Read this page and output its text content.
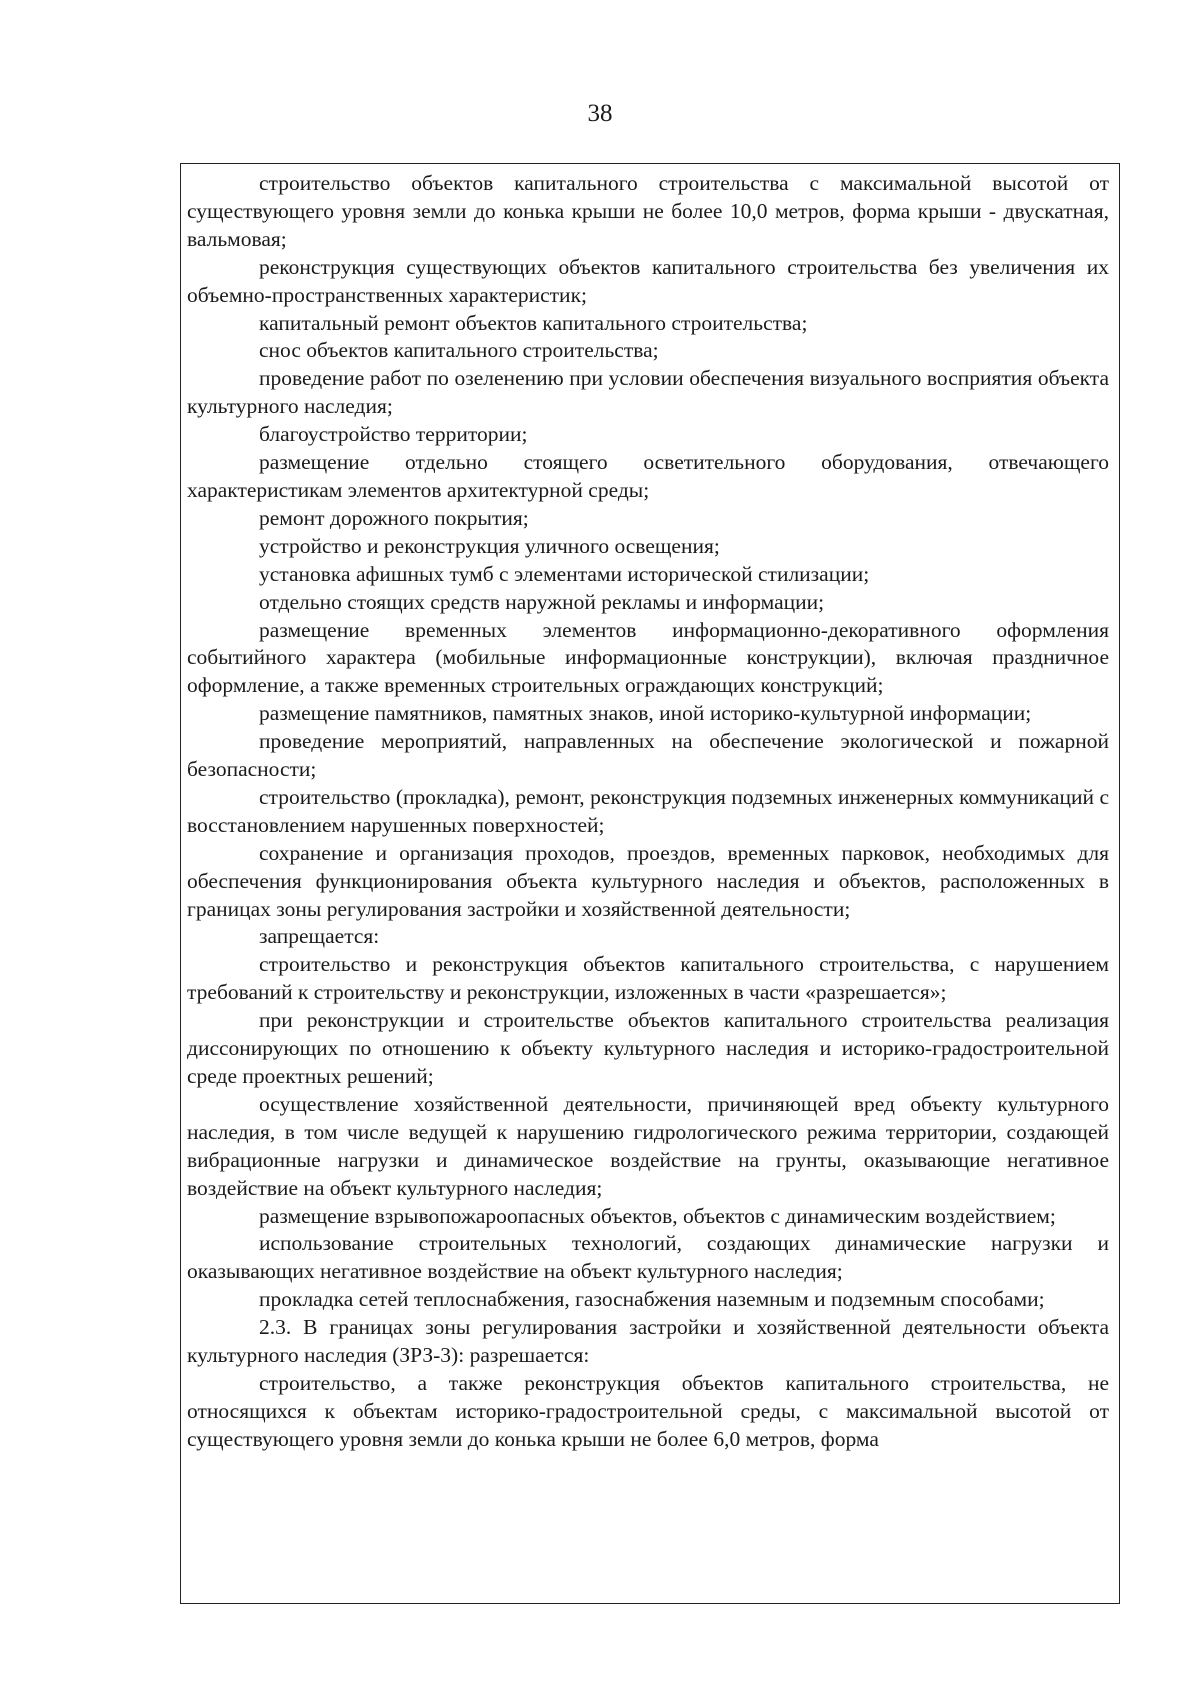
38

строительство объектов капитального строительства с максимальной высотой от существующего уровня земли до конька крыши не более 10,0 метров, форма крыши - двускатная, вальмовая;

реконструкция существующих объектов капитального строительства без увеличения их объемно-пространственных характеристик;

капитальный ремонт объектов капитального строительства;

снос объектов капитального строительства;

проведение работ по озеленению при условии обеспечения визуального восприятия объекта культурного наследия;

благоустройство территории;

размещение отдельно стоящего осветительного оборудования, отвечающего характеристикам элементов архитектурной среды;

ремонт дорожного покрытия;

устройство и реконструкция уличного освещения;

установка афишных тумб с элементами исторической стилизации;

отдельно стоящих средств наружной рекламы и информации;

размещение временных элементов информационно-декоративного оформления событийного характера (мобильные информационные конструкции), включая праздничное оформление, а также временных строительных ограждающих конструкций;

размещение памятников, памятных знаков, иной историко-культурной информации;

проведение мероприятий, направленных на обеспечение экологической и пожарной безопасности;

строительство (прокладка), ремонт, реконструкция подземных инженерных коммуникаций с восстановлением нарушенных поверхностей;

сохранение и организация проходов, проездов, временных парковок, необходимых для обеспечения функционирования объекта культурного наследия и объектов, расположенных в границах зоны регулирования застройки и хозяйственной деятельности;

запрещается:

строительство и реконструкция объектов капитального строительства, с нарушением требований к строительству и реконструкции, изложенных в части «разрешается»;

при реконструкции и строительстве объектов капитального строительства реализация диссонирующих по отношению к объекту культурного наследия и историко-градостроительной среде проектных решений;

осуществление хозяйственной деятельности, причиняющей вред объекту культурного наследия, в том числе ведущей к нарушению гидрологического режима территории, создающей вибрационные нагрузки и динамическое воздействие на грунты, оказывающие негативное воздействие на объект культурного наследия;

размещение взрывопожароопасных объектов, объектов с динамическим воздействием;

использование строительных технологий, создающих динамические нагрузки и оказывающих негативное воздействие на объект культурного наследия;

прокладка сетей теплоснабжения, газоснабжения наземным и подземным способами;

2.3. В границах зоны регулирования застройки и хозяйственной деятельности объекта культурного наследия (ЗРЗ-3): разрешается:

строительство, а также реконструкция объектов капитального строительства, не относящихся к объектам историко-градостроительной среды, с максимальной высотой от существующего уровня земли до конька крыши не более 6,0 метров, форма
